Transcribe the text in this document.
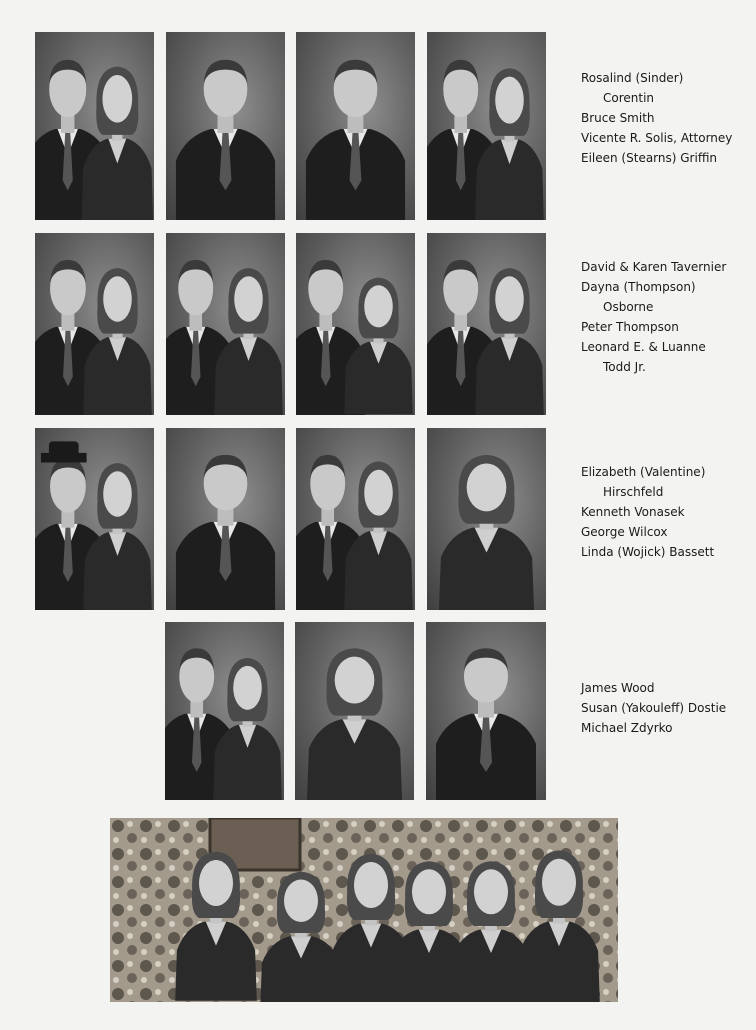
Rosalind (Sinder)
Corentin
Bruce Smith
Vicente R. Solis, Attorney
Eileen (Stearns) Griffin
David & Karen Tavernier
Dayna (Thompson)
Osborne
Peter Thompson
Leonard E. & Luanne
Todd Jr.
Elizabeth (Valentine)
Hirschfeld
Kenneth Vonasek
George Wilcox
Linda (Wojick) Bassett
James Wood
Susan (Yakouleff) Dostie
Michael Zdyrko
